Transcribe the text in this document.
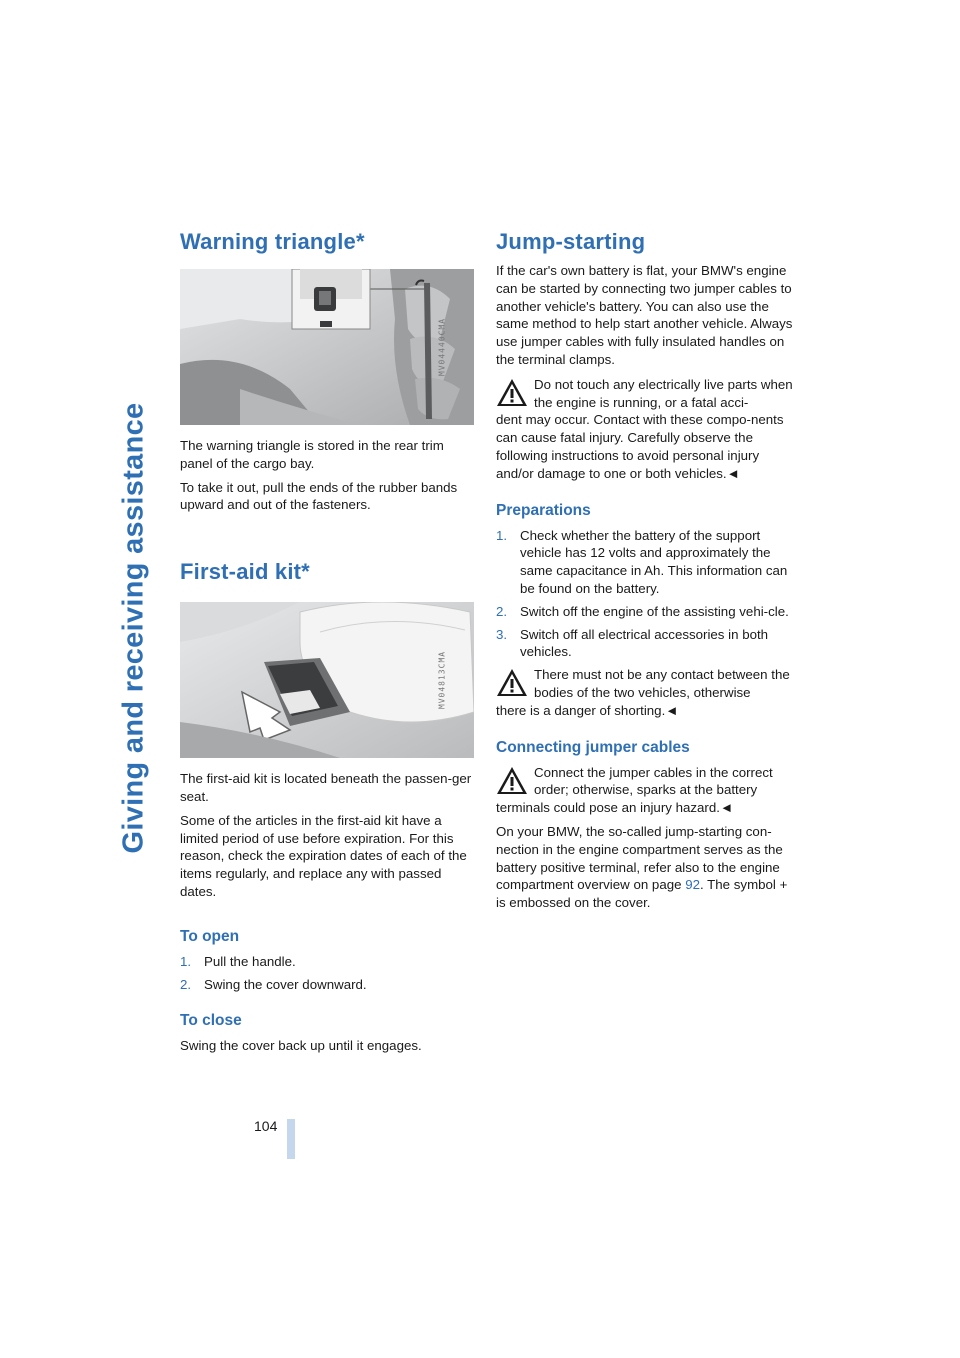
Giving and receiving assistance
104
Warning triangle*
MV04440CMA

The warning triangle is stored in the rear trim panel of the cargo bay.

To take it out, pull the ends of the rubber bands upward and out of the fasteners.

First-aid kit*
MV04813CMA

The first-aid kit is located beneath the passen-ger seat.

Some of the articles in the first-aid kit have a limited period of use before expiration. For this reason, check the expiration dates of each of the items regularly, and replace any with passed dates.

To open
1. Pull the handle.
2. Swing the cover downward.
To close

Swing the cover back up until it engages.

Jump-starting

If the car's own battery is flat, your BMW's engine can be started by connecting two jumper cables to another vehicle's battery. You can also use the same method to help start another vehicle. Always use jumper cables with fully insulated handles on the terminal clamps.

Do not touch any electrically live parts when the engine is running, or a fatal acci-

dent may occur. Contact with these compo-nents can cause fatal injury. Carefully observe the following instructions to avoid personal injury and/or damage to one or both vehicles.◄

Preparations
1. Check whether the battery of the support vehicle has 12 volts and approximately the same capacitance in Ah. This information can be found on the battery.
2. Switch off the engine of the assisting vehi-cle.
3. Switch off all electrical accessories in both vehicles.

There must not be any contact between the bodies of the two vehicles, otherwise

there is a danger of shorting.◄

Connecting jumper cables

Connect the jumper cables in the correct order; otherwise, sparks at the battery

terminals could pose an injury hazard.◄

On your BMW, the so-called jump-starting con-nection in the engine compartment serves as the battery positive terminal, refer also to the engine compartment overview on page 92. The symbol + is embossed on the cover.
